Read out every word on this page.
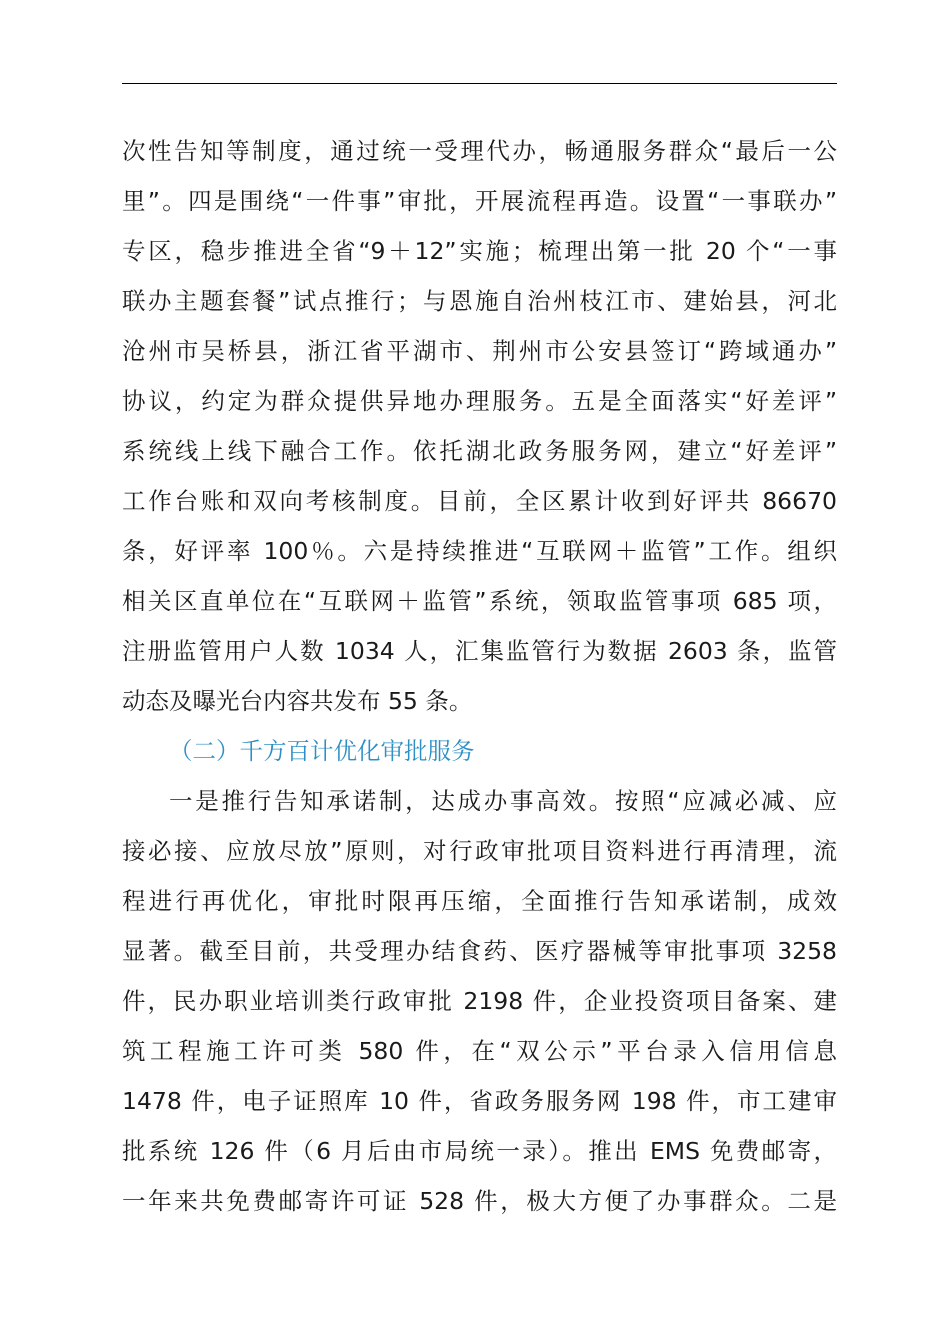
次性告知等制度，通过统一受理代办，畅通服务群众“最后一公
里”。四是围绕“一件事”审批，开展流程再造。设置“一事联办”
专区，稳步推进全省“9＋12”实施；梳理出第一批 20 个“一事
联办主题套餐”试点推行；与恩施自治州枝江市、建始县，河北
沧州市吴桥县，浙江省平湖市、荆州市公安县签订“跨域通办”
协议，约定为群众提供异地办理服务。五是全面落实“好差评”
系统线上线下融合工作。依托湖北政务服务网，建立“好差评”
工作台账和双向考核制度。目前，全区累计收到好评共 86670
条，好评率 100％。六是持续推进“互联网＋监管”工作。组织
相关区直单位在“互联网＋监管”系统，领取监管事项 685 项，
注册监管用户人数 1034 人，汇集监管行为数据 2603 条，监管
动态及曝光台内容共发布 55 条。
（二）千方百计优化审批服务
一是推行告知承诺制，达成办事高效。按照“应减必减、应
接必接、应放尽放”原则，对行政审批项目资料进行再清理，流
程进行再优化，审批时限再压缩，全面推行告知承诺制，成效
显著。截至目前，共受理办结食药、医疗器械等审批事项 3258
件，民办职业培训类行政审批 2198 件，企业投资项目备案、建
筑工程施工许可类 580 件，在“双公示”平台录入信用信息
1478 件，电子证照库 10 件，省政务服务网 198 件，市工建审
批系统 126 件（6 月后由市局统一录）。推出 EMS 免费邮寄，
一年来共免费邮寄许可证 528 件，极大方便了办事群众。二是
